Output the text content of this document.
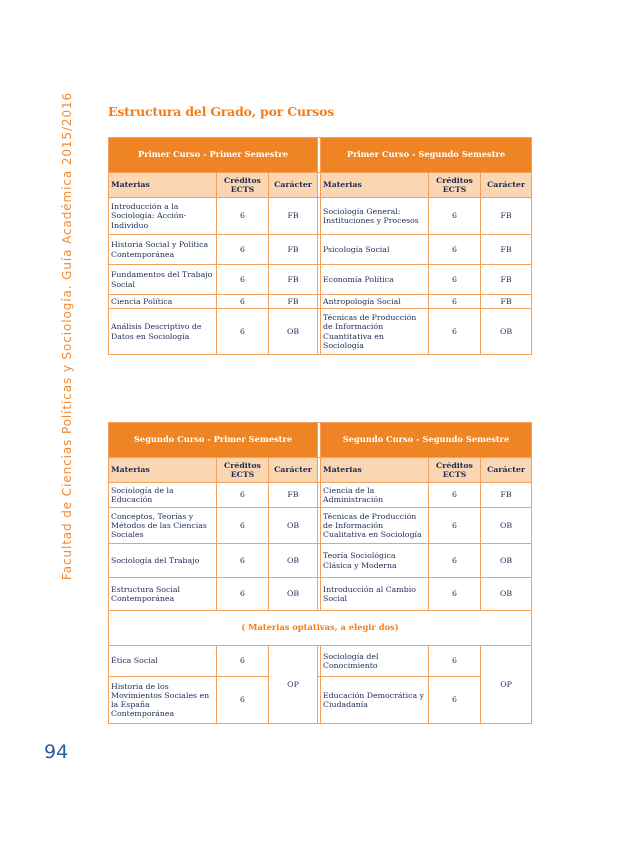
Facultad de Ciencias Políticas y Sociología. Guía Académica 2015/2016	Estructura del Grado, por Cursos
Primer Curso - Primer Semestre				Primer Curso - Segundo Semestre		
Materias	Créditos ECTS	Carácter		Materias	Créditos ECTS	Carácter
Introducción a la Sociología: Acción-Individuo	6	FB		Sociología General: Instituciones y Procesos	6	FB
Historia Social y Política Contemporánea	6	FB		Psicología Social	6	FB
Fundamentos del Trabajo Social	6	FB		Economía Política	6	FB
Ciencia Política	6	FB		Antropología Social	6	FB
Análisis Descriptivo de Datos en Sociología	6	OB		Técnicas de Producción de Información Cuantitativa en Sociología	6	OB
Segundo Curso - Primer Semestre				Segundo Curso - Segundo Semestre		
Materias	Créditos ECTS	Carácter		Materias	Créditos ECTS	Carácter
Sociología de la Educación	6	FB		Ciencia de la Administración	6	FB
Conceptos, Teorías y Métodos de las Ciencias Sociales	6	OB		Técnicas de Producción de Información Cualitativa en Sociología	6	OB
Sociología del Trabajo	6	OB		Teoría Sociológica Clásica y Moderna	6	OB
Estructura Social Contemporánea	6	OB		Introducción al Cambio Social	6	OB
( Materias optativas, a elegir dos)						
Ética Social	6	OP		Sociología del Conocimiento	6	OP
Historia de los Movimientos Sociales en la España Contemporánea	6			Educación Democrática y Ciudadanía	6	
94
